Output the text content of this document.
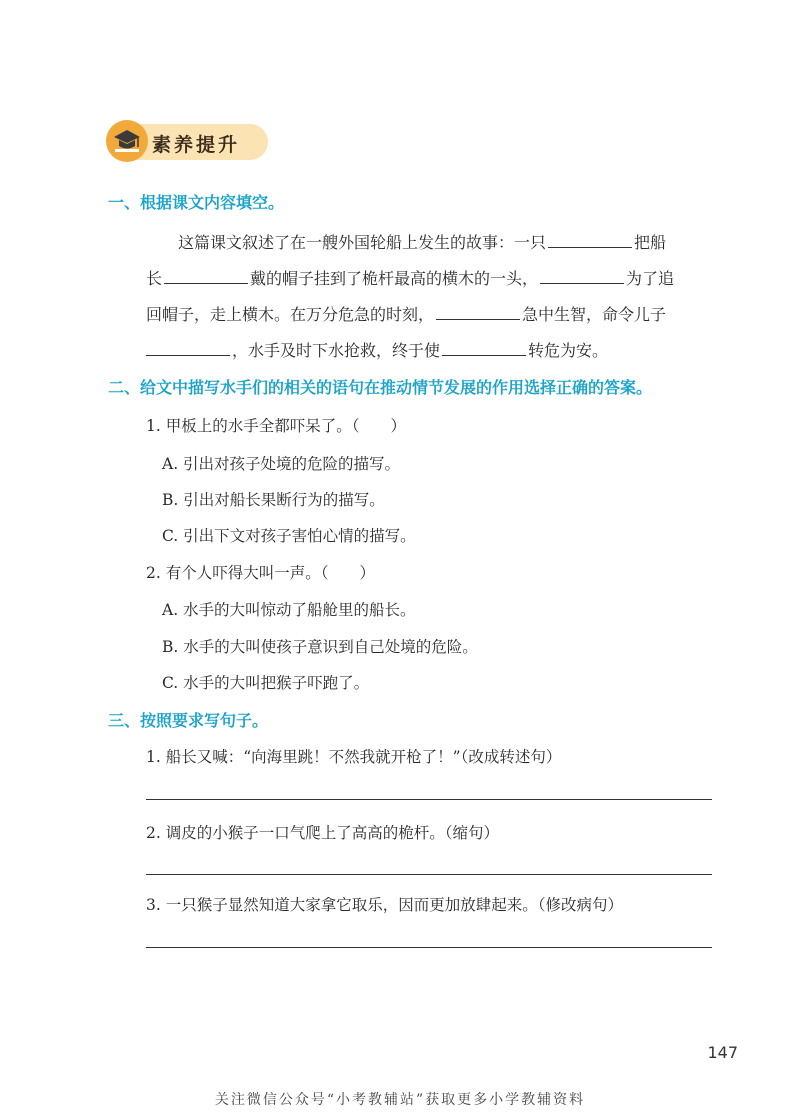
素养提升
一、根据课文内容填空。
这篇课文叙述了在一艘外国轮船上发生的故事：一只	把船
长	戴的帽子挂到了桅杆最高的横木的一头，	为了追
回帽子，走上横木。在万分危急的时刻，	急中生智，命令儿子
，水手及时下水抢救，终于使	转危为安。
二、给文中描写水手们的相关的语句在推动情节发展的作用选择正确的答案。
1. 甲板上的水手全都吓呆了。（　　）
A. 引出对孩子处境的危险的描写。
B. 引出对船长果断行为的描写。
C. 引出下文对孩子害怕心情的描写。
2. 有个人吓得大叫一声。（　　）
A. 水手的大叫惊动了船舱里的船长。
B. 水手的大叫使孩子意识到自己处境的危险。
C. 水手的大叫把猴子吓跑了。
三、按照要求写句子。
1. 船长又喊：“向海里跳！不然我就开枪了！”（改成转述句）
2. 调皮的小猴子一口气爬上了高高的桅杆。（缩句）
3. 一只猴子显然知道大家拿它取乐，因而更加放肆起来。（修改病句）
147
关注微信公众号“小考教辅站”获取更多小学教辅资料
